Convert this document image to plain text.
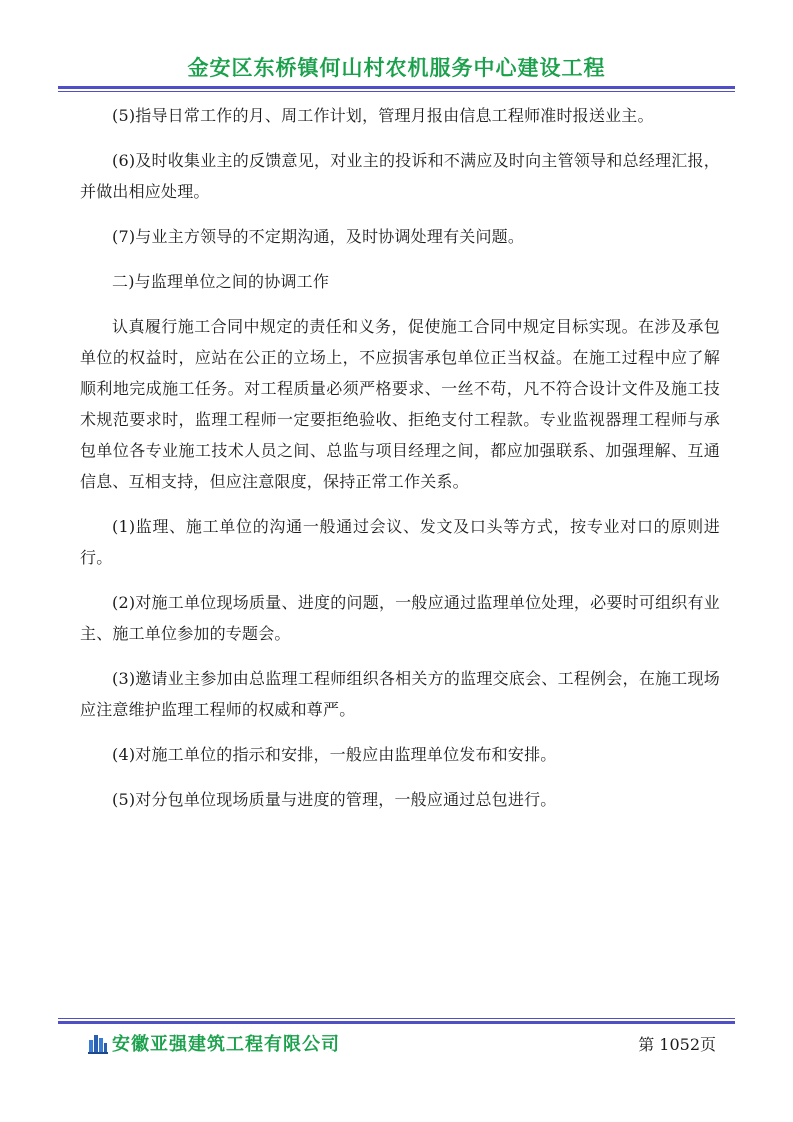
金安区东桥镇何山村农机服务中心建设工程

(5)指导日常工作的月、周工作计划，管理月报由信息工程师准时报送业主。

(6)及时收集业主的反馈意见，对业主的投诉和不满应及时向主管领导和总经理汇报，并做出相应处理。

(7)与业主方领导的不定期沟通，及时协调处理有关问题。

二)与监理单位之间的协调工作

认真履行施工合同中规定的责任和义务，促使施工合同中规定目标实现。在涉及承包单位的权益时，应站在公正的立场上，不应损害承包单位正当权益。在施工过程中应了解顺利地完成施工任务。对工程质量必须严格要求、一丝不苟，凡不符合设计文件及施工技术规范要求时，监理工程师一定要拒绝验收、拒绝支付工程款。专业监视器理工程师与承包单位各专业施工技术人员之间、总监与项目经理之间，都应加强联系、加强理解、互通信息、互相支持，但应注意限度，保持正常工作关系。

(1)监理、施工单位的沟通一般通过会议、发文及口头等方式，按专业对口的原则进行。

(2)对施工单位现场质量、进度的问题，一般应通过监理单位处理，必要时可组织有业主、施工单位参加的专题会。

(3)邀请业主参加由总监理工程师组织各相关方的监理交底会、工程例会，在施工现场应注意维护监理工程师的权威和尊严。

(4)对施工单位的指示和安排，一般应由监理单位发布和安排。

(5)对分包单位现场质量与进度的管理，一般应通过总包进行。

安徽亚强建筑工程有限公司	第 1052页
